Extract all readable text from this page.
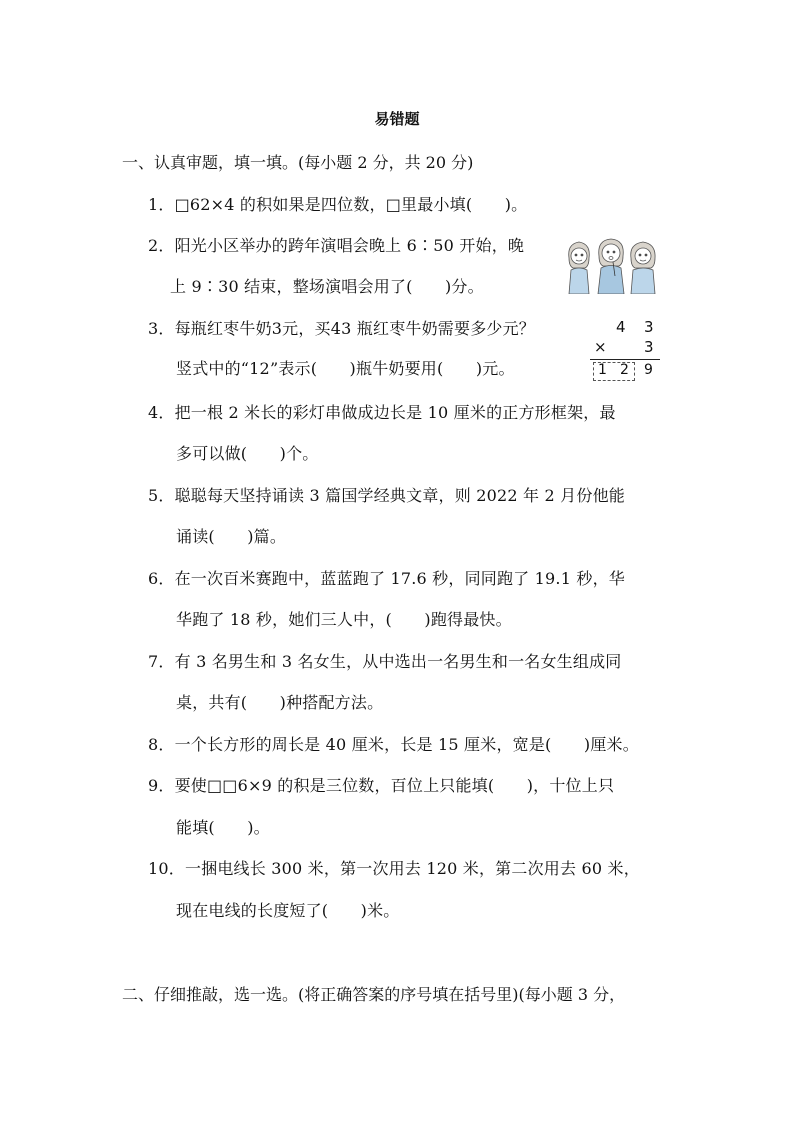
易错题
一、认真审题，填一填。(每小题 2 分，共 20 分)
1．□62×4 的积如果是四位数，□里最小填(　　)。
2．阳光小区举办的跨年演唱会晚上 6∶50 开始，晚
上 9∶30 结束，整场演唱会用了(　　)分。
3．每瓶红枣牛奶3元，买43 瓶红枣牛奶需要多少元？
竖式中的“12”表示(　　)瓶牛奶要用(　　)元。
4．把一根 2 米长的彩灯串做成边长是 10 厘米的正方形框架，最
多可以做(　　)个。
5．聪聪每天坚持诵读 3 篇国学经典文章，则 2022 年 2 月份他能
诵读(　　)篇。
6．在一次百米赛跑中，蓝蓝跑了 17.6 秒，同同跑了 19.1 秒，华
华跑了 18 秒，她们三人中，(　　)跑得最快。
7．有 3 名男生和 3 名女生，从中选出一名男生和一名女生组成同
桌，共有(　　)种搭配方法。
8．一个长方形的周长是 40 厘米，长是 15 厘米，宽是(　　)厘米。
9．要使□□6×9 的积是三位数，百位上只能填(　　)，十位上只
能填(　　)。
10．一捆电线长 300 米，第一次用去 120 米，第二次用去 60 米，
现在电线的长度短了(　　)米。
二、仔细推敲，选一选。(将正确答案的序号填在括号里)(每小题 3 分，
4 3
× 3
1 2 9
